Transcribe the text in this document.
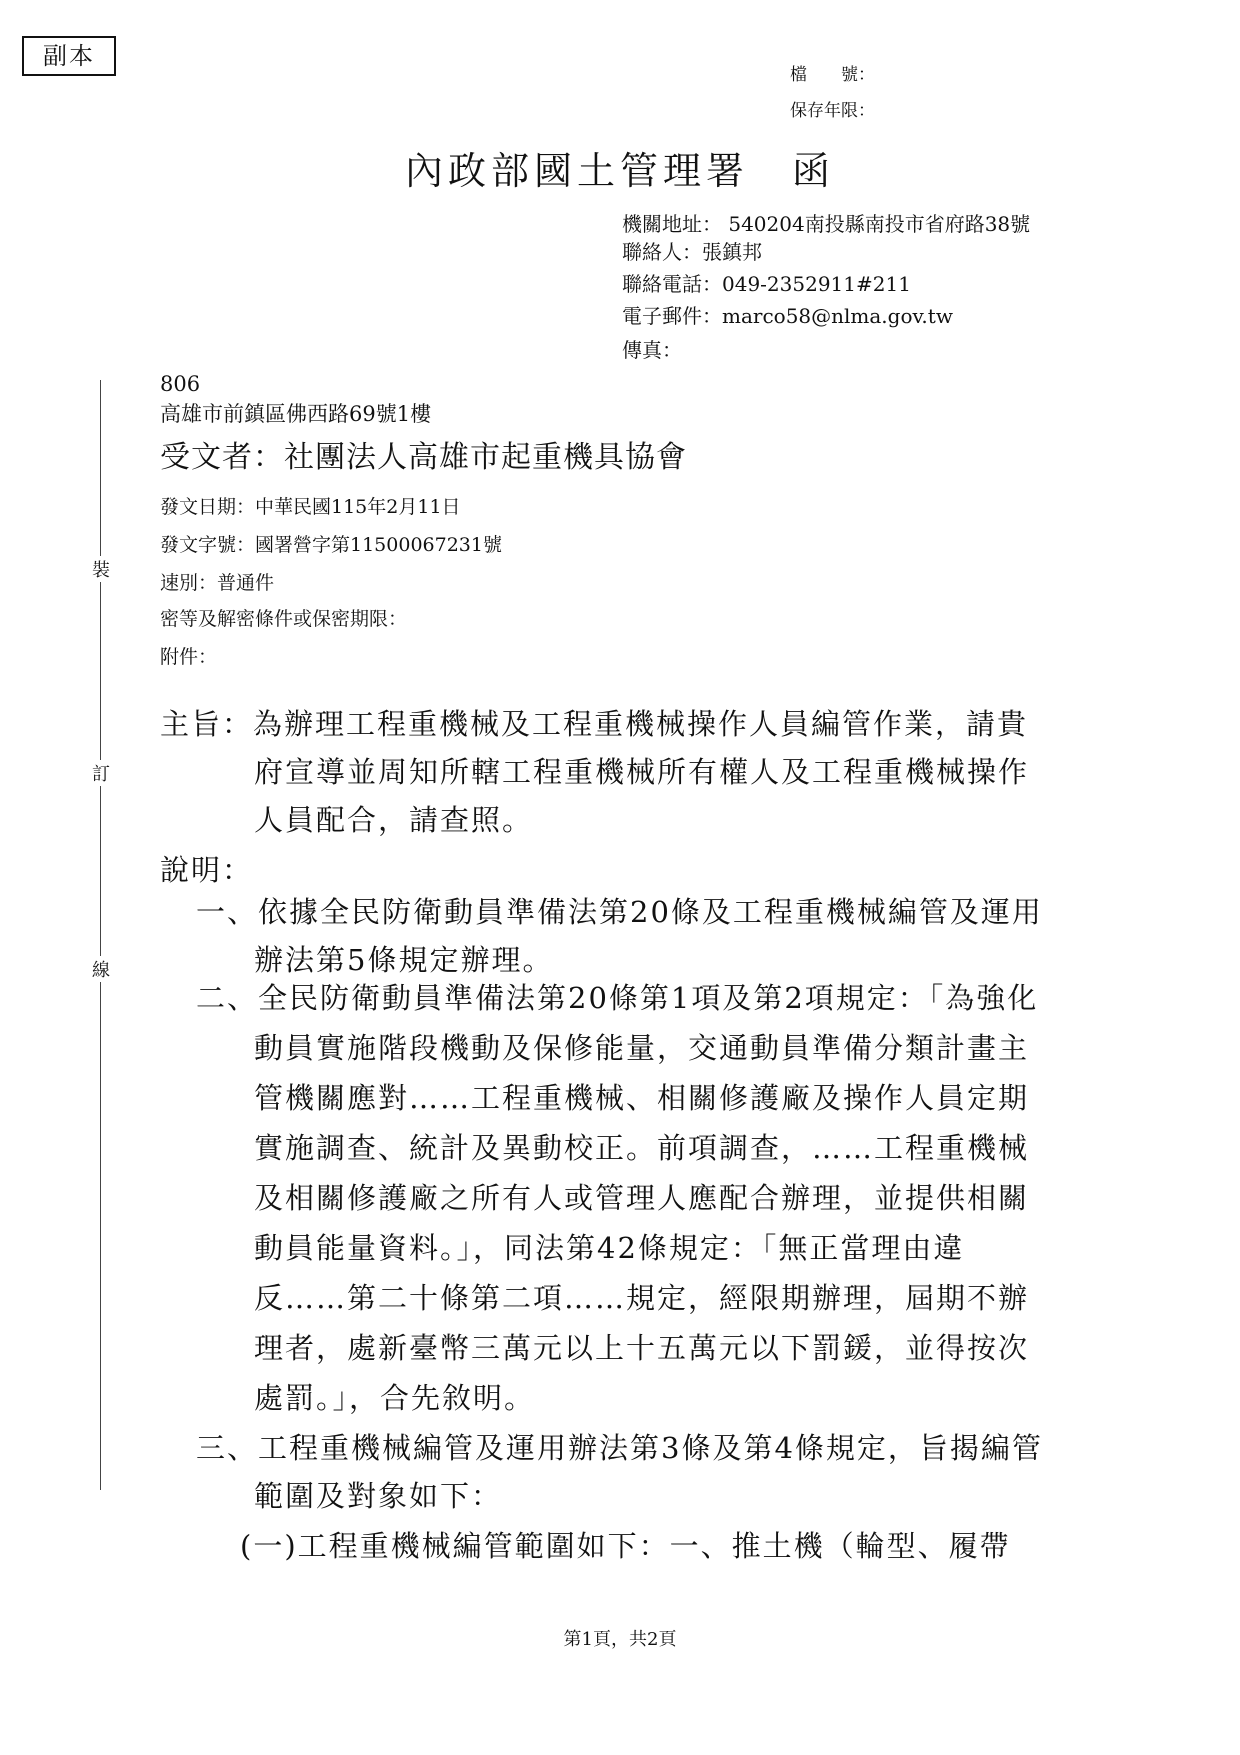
副本
檔　　號：
保存年限：
內政部國土管理署　函
機關地址： 540204南投縣南投市省府路38號
聯絡人：張鎮邦
聯絡電話：049-2352911#211
電子郵件：marco58@nlma.gov.tw
傳真：
裝
訂
線
806
高雄市前鎮區佛西路69號1樓
受文者：社團法人高雄市起重機具協會
發文日期：中華民國115年2月11日
發文字號：國署營字第11500067231號
速別：普通件
密等及解密條件或保密期限：
附件：
主旨：為辦理工程重機械及工程重機械操作人員編管作業，請貴
府宣導並周知所轄工程重機械所有權人及工程重機械操作
人員配合，請查照。
說明：
一、依據全民防衛動員準備法第20條及工程重機械編管及運用
辦法第5條規定辦理。
二、全民防衛動員準備法第20條第1項及第2項規定：「為強化
動員實施階段機動及保修能量，交通動員準備分類計畫主
管機關應對……工程重機械、相關修護廠及操作人員定期
實施調查、統計及異動校正。前項調查，……工程重機械
及相關修護廠之所有人或管理人應配合辦理，並提供相關
動員能量資料。」，同法第42條規定：「無正當理由違
反……第二十條第二項……規定，經限期辦理，屆期不辦
理者，處新臺幣三萬元以上十五萬元以下罰鍰，並得按次
處罰。」，合先敘明。
三、工程重機械編管及運用辦法第3條及第4條規定，旨揭編管
範圍及對象如下：
(一)工程重機械編管範圍如下：一、推土機（輪型、履帶
第1頁，共2頁
